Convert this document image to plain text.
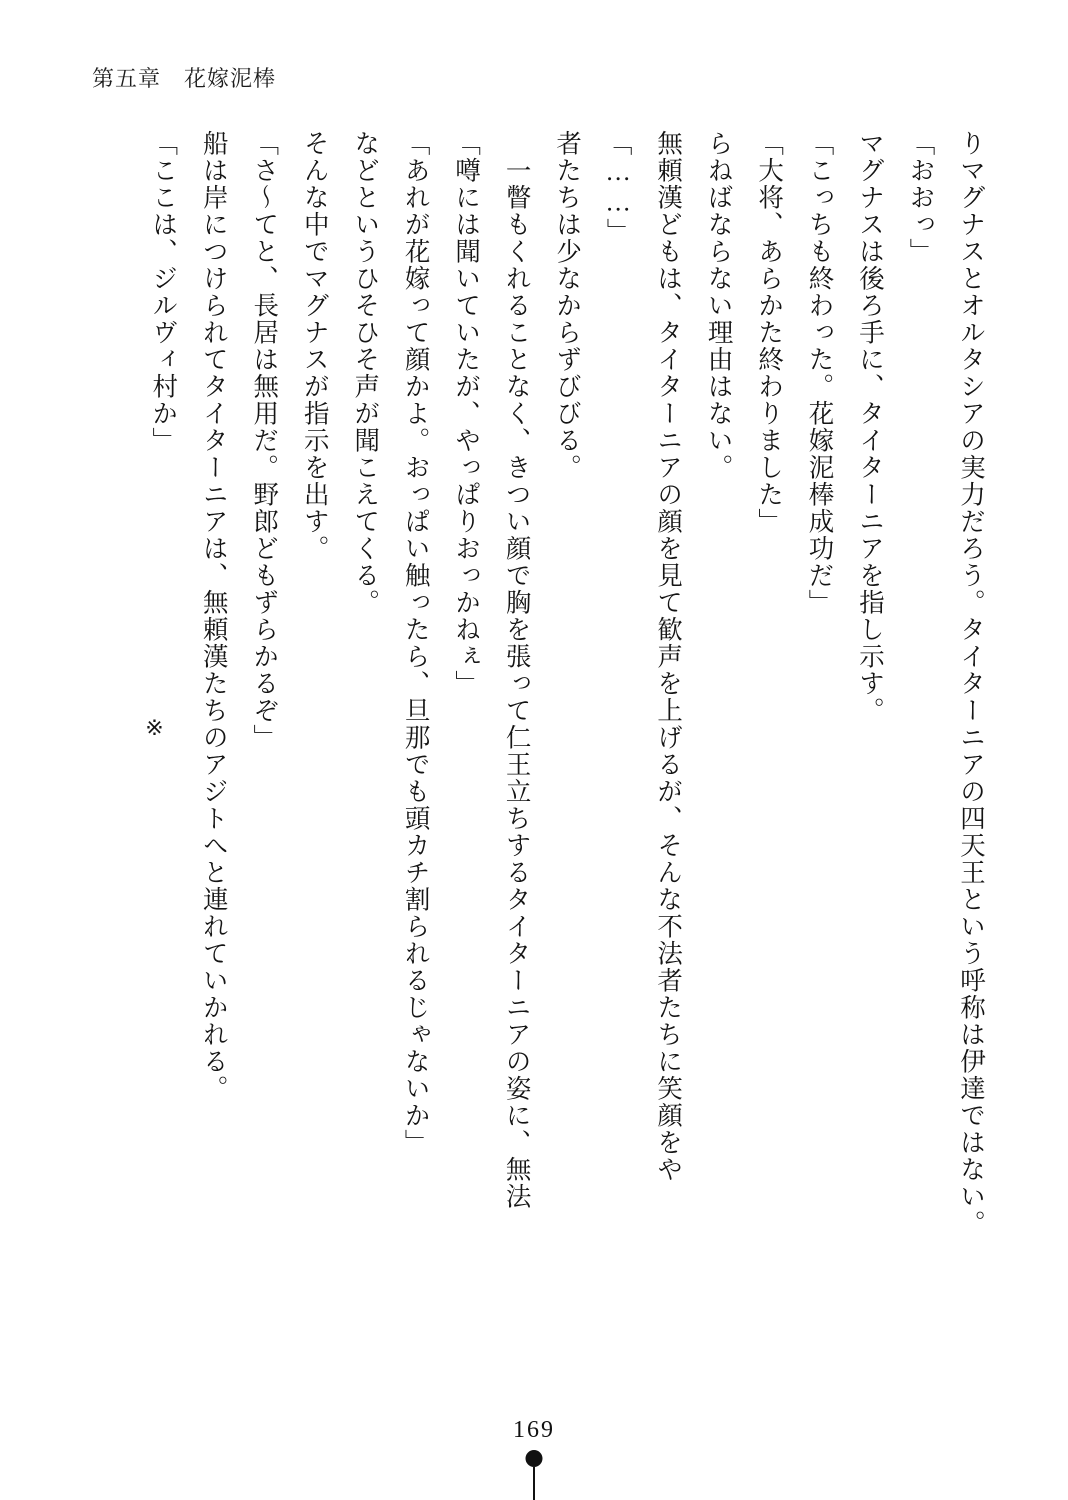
第五章　花嫁泥棒

りマグナスとオルタシアの実力だろう。タイターニアの四天王という呼称は伊達ではない。

「おおっ」

マグナスは後ろ手に、タイターニアを指し示す。

「こっちも終わった。花嫁泥棒成功だ」

「大将、あらかた終わりました」

らねばならない理由はない。

無頼漢どもは、タイターニアの顔を見て歓声を上げるが、そんな不法者たちに笑顔をや

「……」

者たちは少なからずびびる。

　一瞥もくれることなく、きつい顔で胸を張って仁王立ちするタイターニアの姿に、無法

「噂には聞いていたが、やっぱりおっかねぇ」

「あれが花嫁って顔かよ。おっぱい触ったら、旦那でも頭カチ割られるじゃないか」

などというひそひそ声が聞こえてくる。

そんな中でマグナスが指示を出す。

「さ～てと、長居は無用だ。野郎どもずらかるぞ」

船は岸につけられてタイターニアは、無頼漢たちのアジトへと連れていかれる。

「ここは、ジルヴィ村か」

※
169
